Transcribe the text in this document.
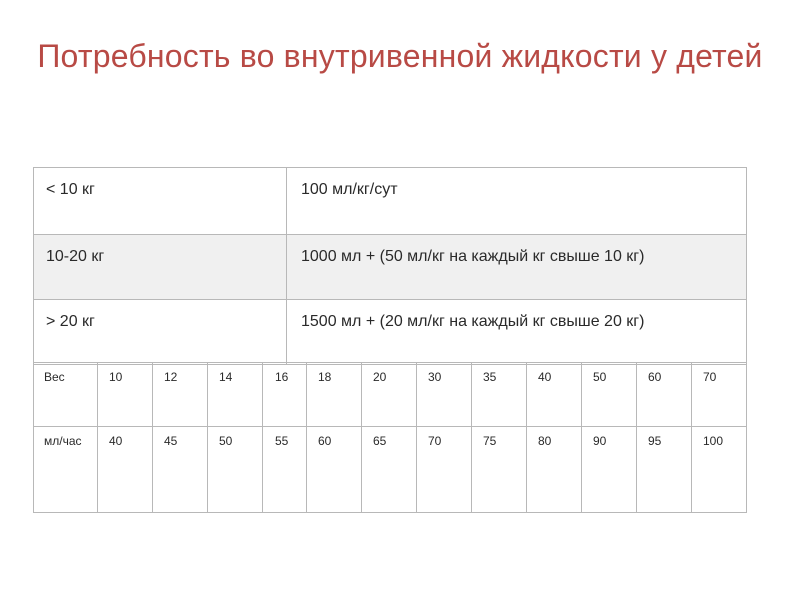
Потребность во внутривенной жидкости у детей
< 10 кг	100 мл/кг/сут
10-20 кг	1000 мл + (50 мл/кг на каждый кг свыше 10 кг)
> 20 кг	1500 мл + (20 мл/кг на каждый кг свыше 20 кг)
Вес	10	12	14	16	18	20	30	35	40	50	60	70
мл/час	40	45	50	55	60	65	70	75	80	90	95	100
